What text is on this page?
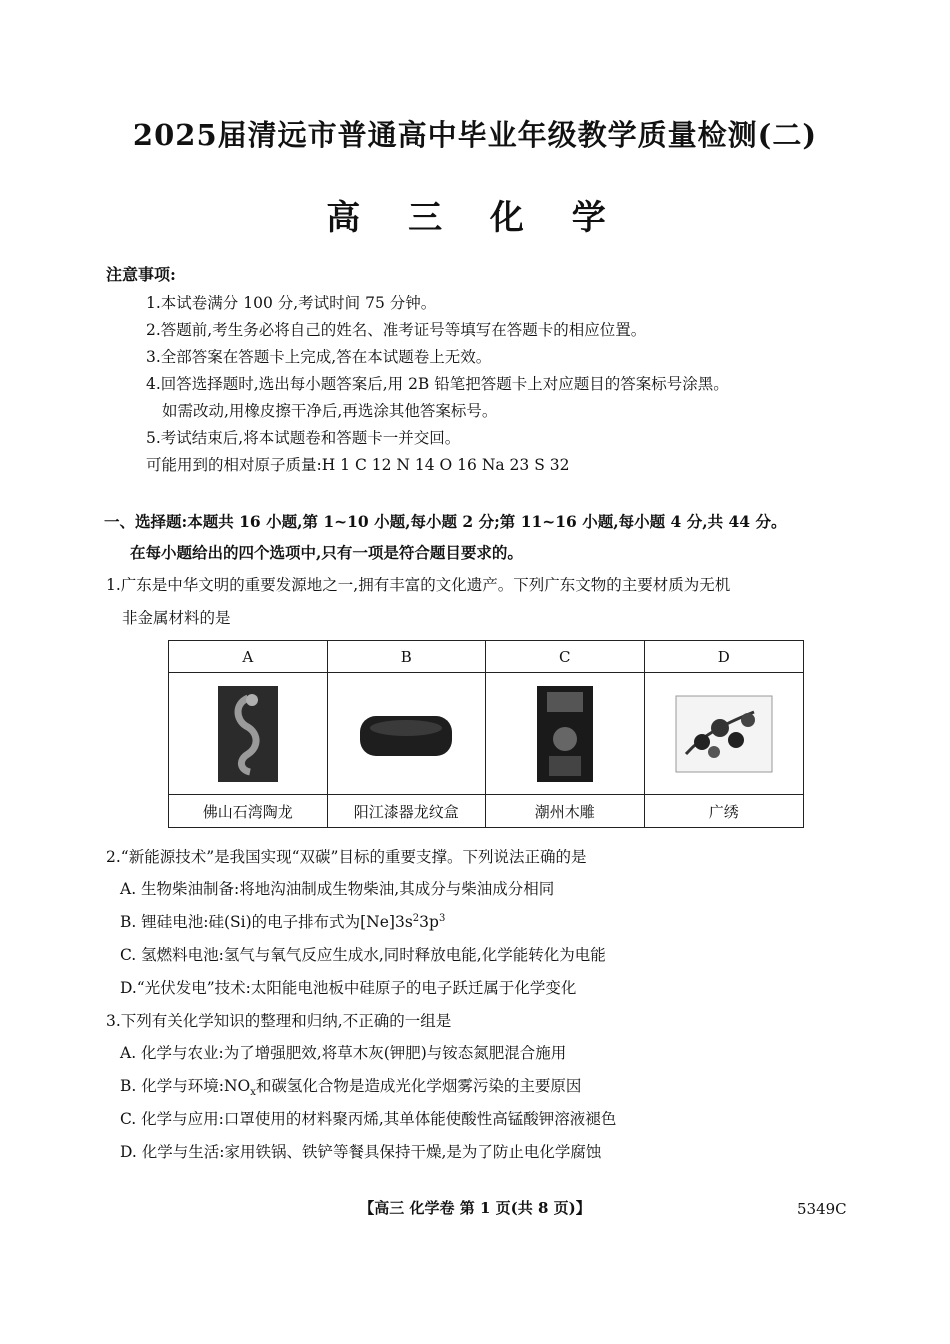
2025届清远市普通高中毕业年级教学质量检测(二)
高 三 化 学
注意事项:
1.本试卷满分 100 分,考试时间 75 分钟。
2.答题前,考生务必将自己的姓名、准考证号等填写在答题卡的相应位置。
3.全部答案在答题卡上完成,答在本试题卷上无效。
4.回答选择题时,选出每小题答案后,用 2B 铅笔把答题卡上对应题目的答案标号涂黑。
如需改动,用橡皮擦干净后,再选涂其他答案标号。
5.考试结束后,将本试题卷和答题卡一并交回。
可能用到的相对原子质量:H 1 C 12 N 14 O 16 Na 23 S 32
一、选择题:本题共 16 小题,第 1~10 小题,每小题 2 分;第 11~16 小题,每小题 4 分,共 44 分。
在每小题给出的四个选项中,只有一项是符合题目要求的。
1.广东是中华文明的重要发源地之一,拥有丰富的文化遗产。下列广东文物的主要材质为无机
非金属材料的是
A	B	C	D
佛山石湾陶龙	阳江漆器龙纹盒	潮州木雕	广绣
2.“新能源技术”是我国实现“双碳”目标的重要支撑。下列说法正确的是
A. 生物柴油制备:将地沟油制成生物柴油,其成分与柴油成分相同
B. 锂硅电池:硅(Si)的电子排布式为$[Ne]3s^23p^3$
C. 氢燃料电池:氢气与氧气反应生成水,同时释放电能,化学能转化为电能
D.“光伏发电”技术:太阳能电池板中硅原子的电子跃迁属于化学变化
3.下列有关化学知识的整理和归纳,不正确的一组是
A. 化学与农业:为了增强肥效,将草木灰(钾肥)与铵态氮肥混合施用
B. 化学与环境$:NO_x$和碳氢化合物是造成光化学烟雾污染的主要原因
C. 化学与应用:口罩使用的材料聚丙烯,其单体能使酸性高锰酸钾溶液褪色
D. 化学与生活:家用铁锅、铁铲等餐具保持干燥,是为了防止电化学腐蚀
【高三 化学卷 第 1 页(共 8 页)】	5349C
